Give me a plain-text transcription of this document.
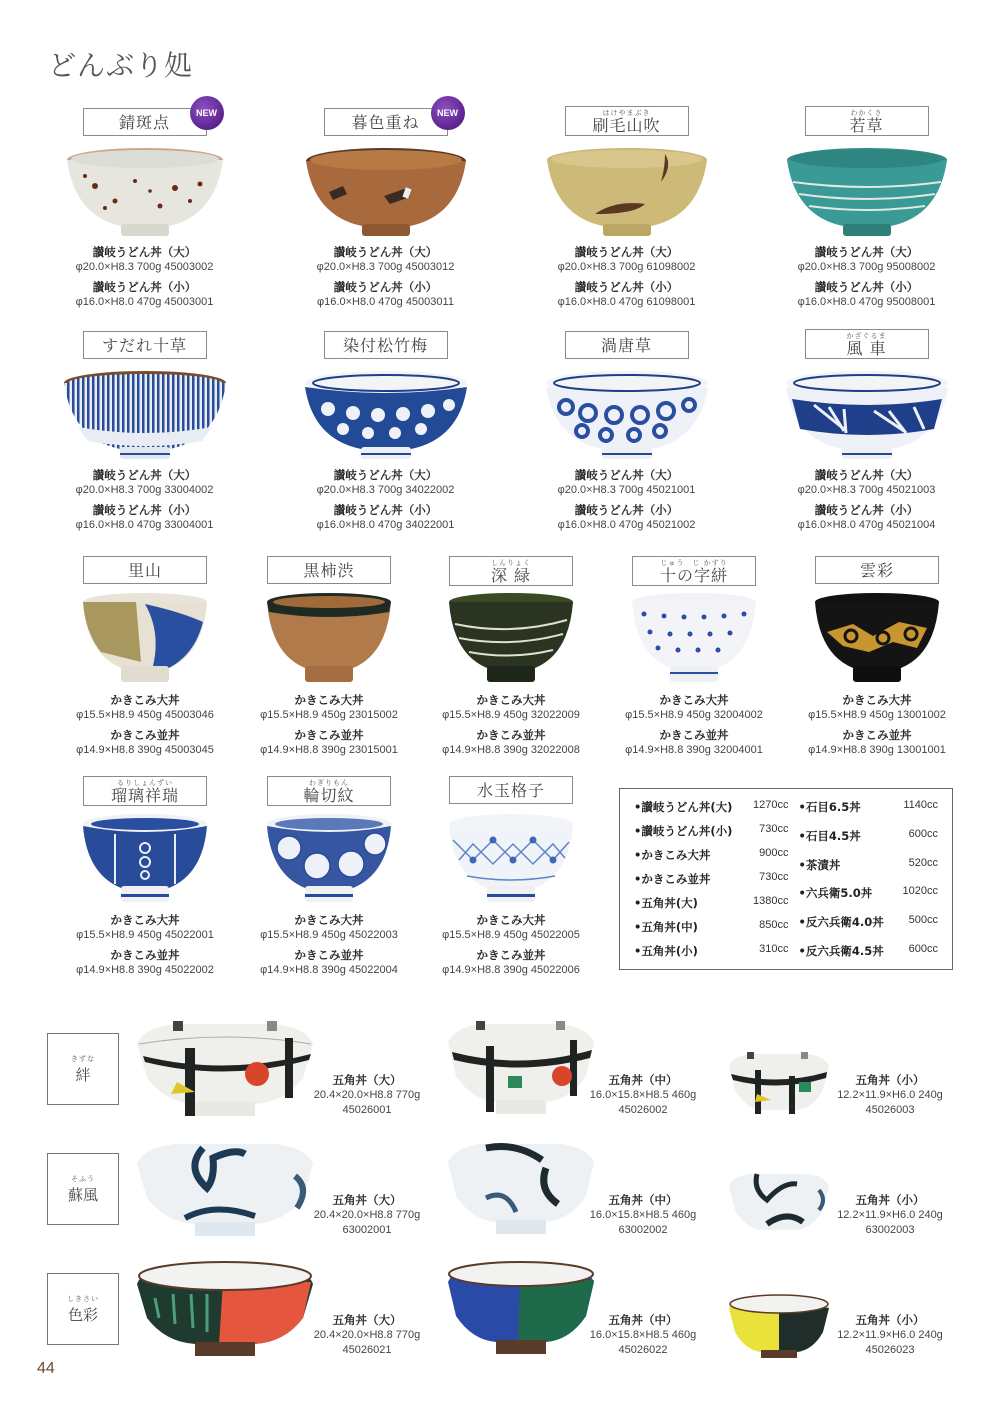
どんぶり処
錆斑点	NEW
讃岐うどん丼（大）
φ20.0×H8.3 700g 45003002
讃岐うどん丼（小）
φ16.0×H8.0 470g 45003001
暮色重ね	NEW
讃岐うどん丼（大）
φ20.0×H8.3 700g 45003012
讃岐うどん丼（小）
φ16.0×H8.0 470g 45003011
はけやまぶき
刷毛山吹
讃岐うどん丼（大）
φ20.0×H8.3 700g 61098002
讃岐うどん丼（小）
φ16.0×H8.0 470g 61098001
わかくさ
若草
讃岐うどん丼（大）
φ20.0×H8.3 700g 95008002
讃岐うどん丼（小）
φ16.0×H8.0 470g 95008001
すだれ十草
讃岐うどん丼（大）
φ20.0×H8.3 700g 33004002
讃岐うどん丼（小）
φ16.0×H8.0 470g 33004001
染付松竹梅
讃岐うどん丼（大）
φ20.0×H8.3 700g 34022002
讃岐うどん丼（小）
φ16.0×H8.0 470g 34022001
渦唐草
讃岐うどん丼（大）
φ20.0×H8.3 700g 45021001
讃岐うどん丼（小）
φ16.0×H8.0 470g 45021002
かざぐるま
風 車
讃岐うどん丼（大）
φ20.0×H8.3 700g 45021003
讃岐うどん丼（小）
φ16.0×H8.0 470g 45021004
里山
かきこみ大丼
φ15.5×H8.9 450g 45003046
かきこみ並丼
φ14.9×H8.8 390g 45003045
黒柿渋
かきこみ大丼
φ15.5×H8.9 450g 23015002
かきこみ並丼
φ14.9×H8.8 390g 23015001
しんりょく
深 緑
かきこみ大丼
φ15.5×H8.9 450g 32022009
かきこみ並丼
φ14.9×H8.8 390g 32022008
じゅう　じ かすり
十の字絣
かきこみ大丼
φ15.5×H8.9 450g 32004002
かきこみ並丼
φ14.9×H8.8 390g 32004001
雲彩
かきこみ大丼
φ15.5×H8.9 450g 13001002
かきこみ並丼
φ14.9×H8.8 390g 13001001
るりしょんずい
瑠璃祥瑞
かきこみ大丼
φ15.5×H8.9 450g 45022001
かきこみ並丼
φ14.9×H8.8 390g 45022002
わぎりもん
輪切紋
かきこみ大丼
φ15.5×H8.9 450g 45022003
かきこみ並丼
φ14.9×H8.8 390g 45022004
水玉格子
かきこみ大丼
φ15.5×H8.9 450g 45022005
かきこみ並丼
φ14.9×H8.8 390g 45022006
•讃岐うどん丼(大) 1270cc
•讃岐うどん丼(小) 730cc
•かきこみ大丼	900cc
•かきこみ並丼	730cc
•五角丼(大)	1380cc
•五角丼(中)	850cc
•五角丼(小)	310cc
•石目6.5丼	1140cc
•石目4.5丼	600cc
•茶漬丼	520cc
•六兵衛5.0丼	1020cc
•反六兵衛4.0丼 500cc
•反六兵衛4.5丼 600cc
きずな
絆	五角丼（大）
20.4×20.0×H8.8 770g
45026001
五角丼（中）
16.0×15.8×H8.5 460g
45026002
五角丼（小）
12.2×11.9×H6.0 240g
45026003
そふう
蘇風	五角丼（大）
20.4×20.0×H8.8 770g
63002001
五角丼（中）
16.0×15.8×H8.5 460g
63002002
五角丼（小）
12.2×11.9×H6.0 240g
63002003
しきさい
色彩	五角丼（大）
20.4×20.0×H8.8 770g
45026021
五角丼（中）
16.0×15.8×H8.5 460g
45026022
五角丼（小）
12.2×11.9×H6.0 240g
45026023
44
